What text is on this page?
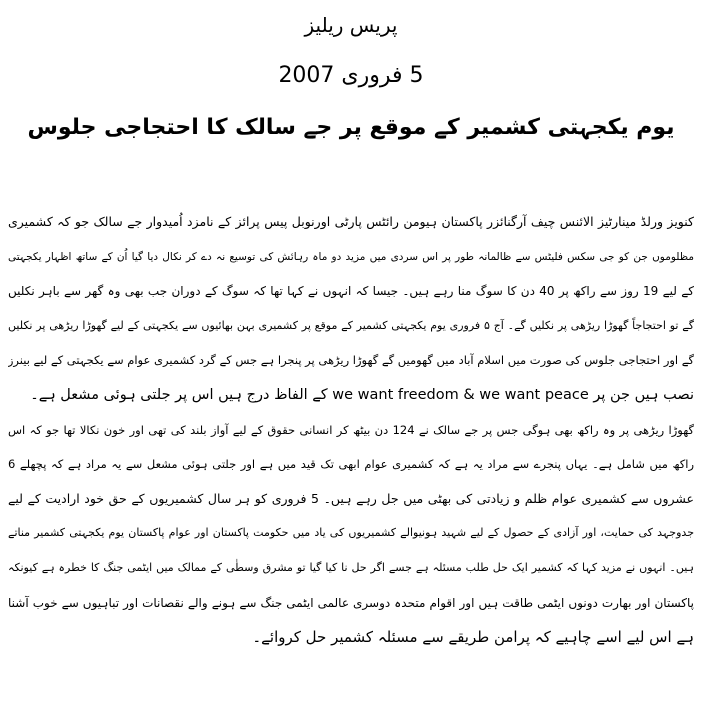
پریس ریلیز
5 فروری 2007
یوم یکجہتی کشمیر کے موقع پر جے سالک کا احتجاجی جلوس
کنویز ورلڈ مینارٹیز الائنس چیف آرگنائزر پاکستان ہیومن رائٹس پارٹی اورنوبل پیس پرائز کے نامزد اُمیدوار جے سالک جو کہ کشمیری
مظلوموں جن کو جی سکس فلیٹس سے ظالمانہ طور پر اس سردی میں مزید دو ماہ رہائش کی توسیع نہ دے کر نکال دیا گیا اُن کے ساتھ اظہار یکجہتی
کے لیے 19 روز سے راکھ پر 40 دن کا سوگ منا رہے ہیں۔ جیسا کہ انہوں نے کہا تھا کہ سوگ کے دوران جب بھی وہ گھر سے باہر نکلیں
گے تو احتجاجاً گھوڑا ریڑھی پر نکلیں گے۔ آج ۵ فروری یوم یکجہتی کشمیر کے موقع پر کشمیری بہن بھائیوں سے یکجہتی کے لیے گھوڑا ریڑھی پر نکلیں
گے اور احتجاجی جلوس کی صورت میں اسلام آباد میں گھومیں گے گھوڑا ریڑھی پر پنجرا ہے جس کے گرد کشمیری عوام سے یکجہتی کے لیے بینرز
نصب ہیں جن پر we want freedom & we want peace کے الفاظ درج ہیں اس پر جلتی ہوئی مشعل ہے۔
گھوڑا ریڑھی پر وہ راکھ بھی ہوگی جس پر جے سالک نے 124 دن بیٹھ کر انسانی حقوق کے لیے آواز بلند کی تھی اور خون نکالا تھا جو کہ اس
راکھ میں شامل ہے۔ یہاں پنجرے سے مراد یہ ہے کہ کشمیری عوام ابھی تک قید میں ہے اور جلتی ہوئی مشعل سے یہ مراد ہے کہ پچھلے 6
عشروں سے کشمیری عوام ظلم و زیادتی کی بھٹی میں جل رہے ہیں۔ 5 فروری کو ہر سال کشمیریوں کے حق خود ارادیت کے لیے
جدوجہد کی حمایت، اور آزادی کے حصول کے لیے شہید ہونیوالے کشمیریوں کی یاد میں حکومت پاکستان اور عوام پاکستان یوم یکجہتی کشمیر مناتے
ہیں۔ انہوں نے مزید کہا کہ کشمیر ایک حل طلب مسئلہ ہے جسے اگر حل نا کیا گیا تو مشرق وسطٰی کے ممالک میں ایٹمی جنگ کا خطرہ ہے کیونکہ
پاکستان اور بھارت دونوں ایٹمی طاقت ہیں اور اقوام متحدہ دوسری عالمی ایٹمی جنگ سے ہونے والے نقصانات اور تباہیوں سے خوب آشنا
ہے اس لیے اسے چاہیے کہ پرامن طریقے سے مسئلہ کشمیر حل کروائے۔
